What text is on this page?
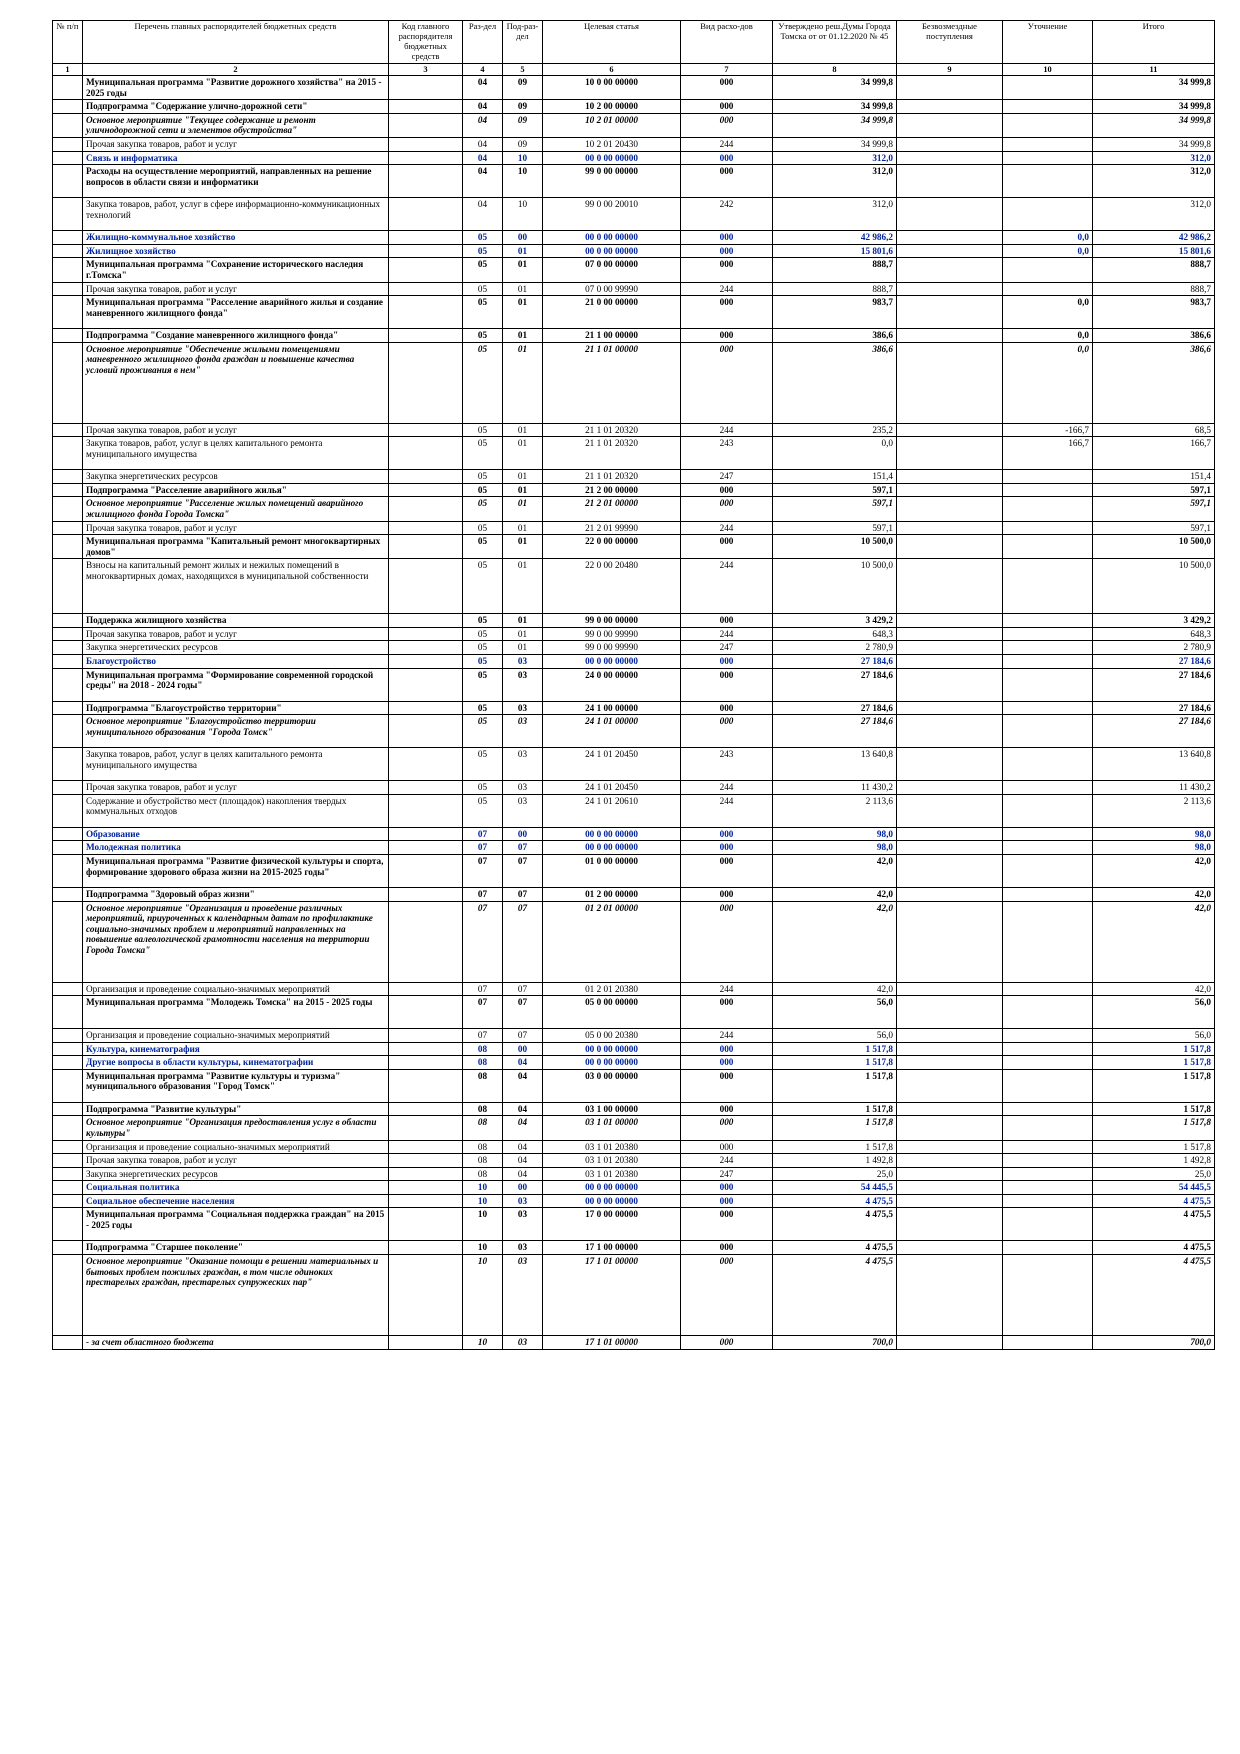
№ п/п	Перечень главных распорядителей бюджетных средств	Код главного распорядителя бюджетных средств	Раз-дел	Под-раз-дел	Целевая статья	Вид расхо-дов	Утверждено реш.Думы Города Томска от от 01.12.2020 № 45	Безвозмездные поступления	Уточнение	Итого
1	2	3	4	5	6	7	8	9	10	11
	Муниципальная программа "Развитие дорожного хозяйства" на 2015 - 2025 годы		04	09	10 0 00 00000	000	34 999,8			34 999,8
	Подпрограмма "Содержание улично-дорожной сети"		04	09	10 2 00 00000	000	34 999,8			34 999,8
	Основное мероприятие "Текущее содержание и ремонт уличнодорожной сети и элементов обустройства"		04	09	10 2 01 00000	000	34 999,8			34 999,8
	Прочая закупка товаров, работ и услуг		04	09	10 2 01 20430	244	34 999,8			34 999,8
	Связь и информатика		04	10	00 0 00 00000	000	312,0			312,0
	Расходы на осуществление мероприятий, направленных на решение вопросов в области связи и информатики		04	10	99 0 00 00000	000	312,0			312,0
	Закупка товаров, работ, услуг в сфере информационно-коммуникационных технологий		04	10	99 0 00 20010	242	312,0			312,0
	Жилищно-коммунальное хозяйство		05	00	00 0 00 00000	000	42 986,2		0,0	42 986,2
	Жилищное хозяйство		05	01	00 0 00 00000	000	15 801,6		0,0	15 801,6
	Муниципальная программа "Сохранение исторического наследия г.Томска"		05	01	07 0 00 00000	000	888,7			888,7
	Прочая закупка товаров, работ и услуг		05	01	07 0 00 99990	244	888,7			888,7
	Муниципальная программа "Расселение аварийного жилья и создание маневренного жилищного фонда"		05	01	21 0 00 00000	000	983,7		0,0	983,7
	Подпрограмма "Создание маневренного жилищного фонда"		05	01	21 1 00 00000	000	386,6		0,0	386,6
	Основное мероприятие "Обеспечение жилыми помещениями маневренного жилищного фонда граждан и повышение качества условий проживания в нем"		05	01	21 1 01 00000	000	386,6		0,0	386,6
	Прочая закупка товаров, работ и услуг		05	01	21 1 01 20320	244	235,2		-166,7	68,5
	Закупка товаров, работ, услуг в целях капитального ремонта муниципального имущества		05	01	21 1 01 20320	243	0,0		166,7	166,7
	Закупка энергетических ресурсов		05	01	21 1 01 20320	247	151,4			151,4
	Подпрограмма "Расселение аварийного жилья"		05	01	21 2 00 00000	000	597,1			597,1
	Основное мероприятие "Расселение жилых помещений аварийного жилищного фонда Города Томска"		05	01	21 2 01 00000	000	597,1			597,1
	Прочая закупка товаров, работ и услуг		05	01	21 2 01 99990	244	597,1			597,1
	Муниципальная программа "Капитальный ремонт многоквартирных домов"		05	01	22 0 00 00000	000	10 500,0			10 500,0
	Взносы на капитальный ремонт жилых и нежилых помещений в многоквартирных домах, находящихся в муниципальной собственности		05	01	22 0 00 20480	244	10 500,0			10 500,0
	Поддержка жилищного хозяйства		05	01	99 0 00 00000	000	3 429,2			3 429,2
	Прочая закупка товаров, работ и услуг		05	01	99 0 00 99990	244	648,3			648,3
	Закупка энергетических ресурсов		05	01	99 0 00 99990	247	2 780,9			2 780,9
	Благоустройство		05	03	00 0 00 00000	000	27 184,6			27 184,6
	Муниципальная программа "Формирование современной городской среды" на 2018 - 2024 годы"		05	03	24 0 00 00000	000	27 184,6			27 184,6
	Подпрограмма "Благоустройство территории"		05	03	24 1 00 00000	000	27 184,6			27 184,6
	Основное мероприятие "Благоустройство территории муниципального образования "Города Томск"		05	03	24 1 01 00000	000	27 184,6			27 184,6
	Закупка товаров, работ, услуг в целях капитального ремонта муниципального имущества		05	03	24 1 01 20450	243	13 640,8			13 640,8
	Прочая закупка товаров, работ и услуг		05	03	24 1 01 20450	244	11 430,2			11 430,2
	Содержание и обустройство мест (площадок) накопления твердых коммунальных отходов		05	03	24 1 01 20610	244	2 113,6			2 113,6
	Образование		07	00	00 0 00 00000	000	98,0			98,0
	Молодежная политика		07	07	00 0 00 00000	000	98,0			98,0
	Муниципальная программа "Развитие физической культуры и спорта, формирование здорового образа жизни на 2015-2025 годы"		07	07	01 0 00 00000	000	42,0			42,0
	Подпрограмма "Здоровый образ жизни"		07	07	01 2 00 00000	000	42,0			42,0
	Основное мероприятие "Организация и проведение различных мероприятий, приуроченных к календарным датам по профилактике социально-значимых проблем и мероприятий направленных на повышение валеологической грамотности населения на территории Города Томска"		07	07	01 2 01 00000	000	42,0			42,0
	Организация и проведение социально-значимых мероприятий		07	07	01 2 01 20380	244	42,0			42,0
	Муниципальная программа "Молодежь Томска" на 2015 - 2025 годы		07	07	05 0 00 00000	000	56,0			56,0
	Организация и проведение социально-значимых мероприятий		07	07	05 0 00 20380	244	56,0			56,0
	Культура, кинематография		08	00	00 0 00 00000	000	1 517,8			1 517,8
	Другие вопросы в области культуры, кинематографии		08	04	00 0 00 00000	000	1 517,8			1 517,8
	Муниципальная программа "Развитие культуры и туризма" муниципального образования "Город Томск"		08	04	03 0 00 00000	000	1 517,8			1 517,8
	Подпрограмма "Развитие культуры"		08	04	03 1 00 00000	000	1 517,8			1 517,8
	Основное мероприятие "Организация предоставления услуг в области культуры"		08	04	03 1 01 00000	000	1 517,8			1 517,8
	Организация и проведение социально-значимых мероприятий		08	04	03 1 01 20380	000	1 517,8			1 517,8
	Прочая закупка товаров, работ и услуг		08	04	03 1 01 20380	244	1 492,8			1 492,8
	Закупка энергетических ресурсов		08	04	03 1 01 20380	247	25,0			25,0
	Социальная политика		10	00	00 0 00 00000	000	54 445,5			54 445,5
	Социальное обеспечение населения		10	03	00 0 00 00000	000	4 475,5			4 475,5
	Муниципальная программа "Социальная поддержка граждан" на 2015 - 2025 годы		10	03	17 0 00 00000	000	4 475,5			4 475,5
	Подпрограмма "Старшее поколение"		10	03	17 1 00 00000	000	4 475,5			4 475,5
	Основное мероприятие "Оказание помощи в решении материальных и бытовых проблем пожилых граждан, в том числе одиноких престарелых граждан, престарелых супружеских пар"		10	03	17 1 01 00000	000	4 475,5			4 475,5
	- за счет областного бюджета		10	03	17 1 01 00000	000	700,0			700,0
